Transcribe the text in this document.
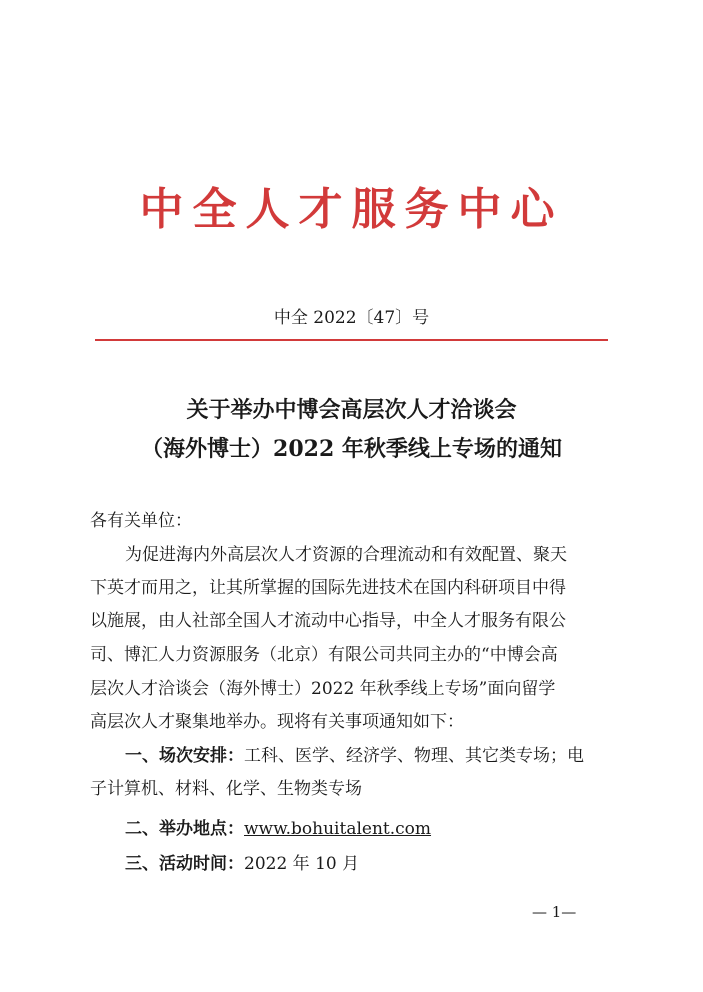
中全人才服务中心
中全 2022〔47〕号
关于举办中博会高层次人才洽谈会
（海外博士）2022 年秋季线上专场的通知
各有关单位：
为促进海内外高层次人才资源的合理流动和有效配置、聚天
下英才而用之，让其所掌握的国际先进技术在国内科研项目中得
以施展，由人社部全国人才流动中心指导，中全人才服务有限公
司、博汇人力资源服务（北京）有限公司共同主办的“中博会高
层次人才洽谈会（海外博士）2022 年秋季线上专场”面向留学
高层次人才聚集地举办。现将有关事项通知如下：
一、场次安排：工科、医学、经济学、物理、其它类专场；电
子计算机、材料、化学、生物类专场
二、举办地点：www.bohuitalent.com
三、活动时间：2022 年 10 月
— 1—
